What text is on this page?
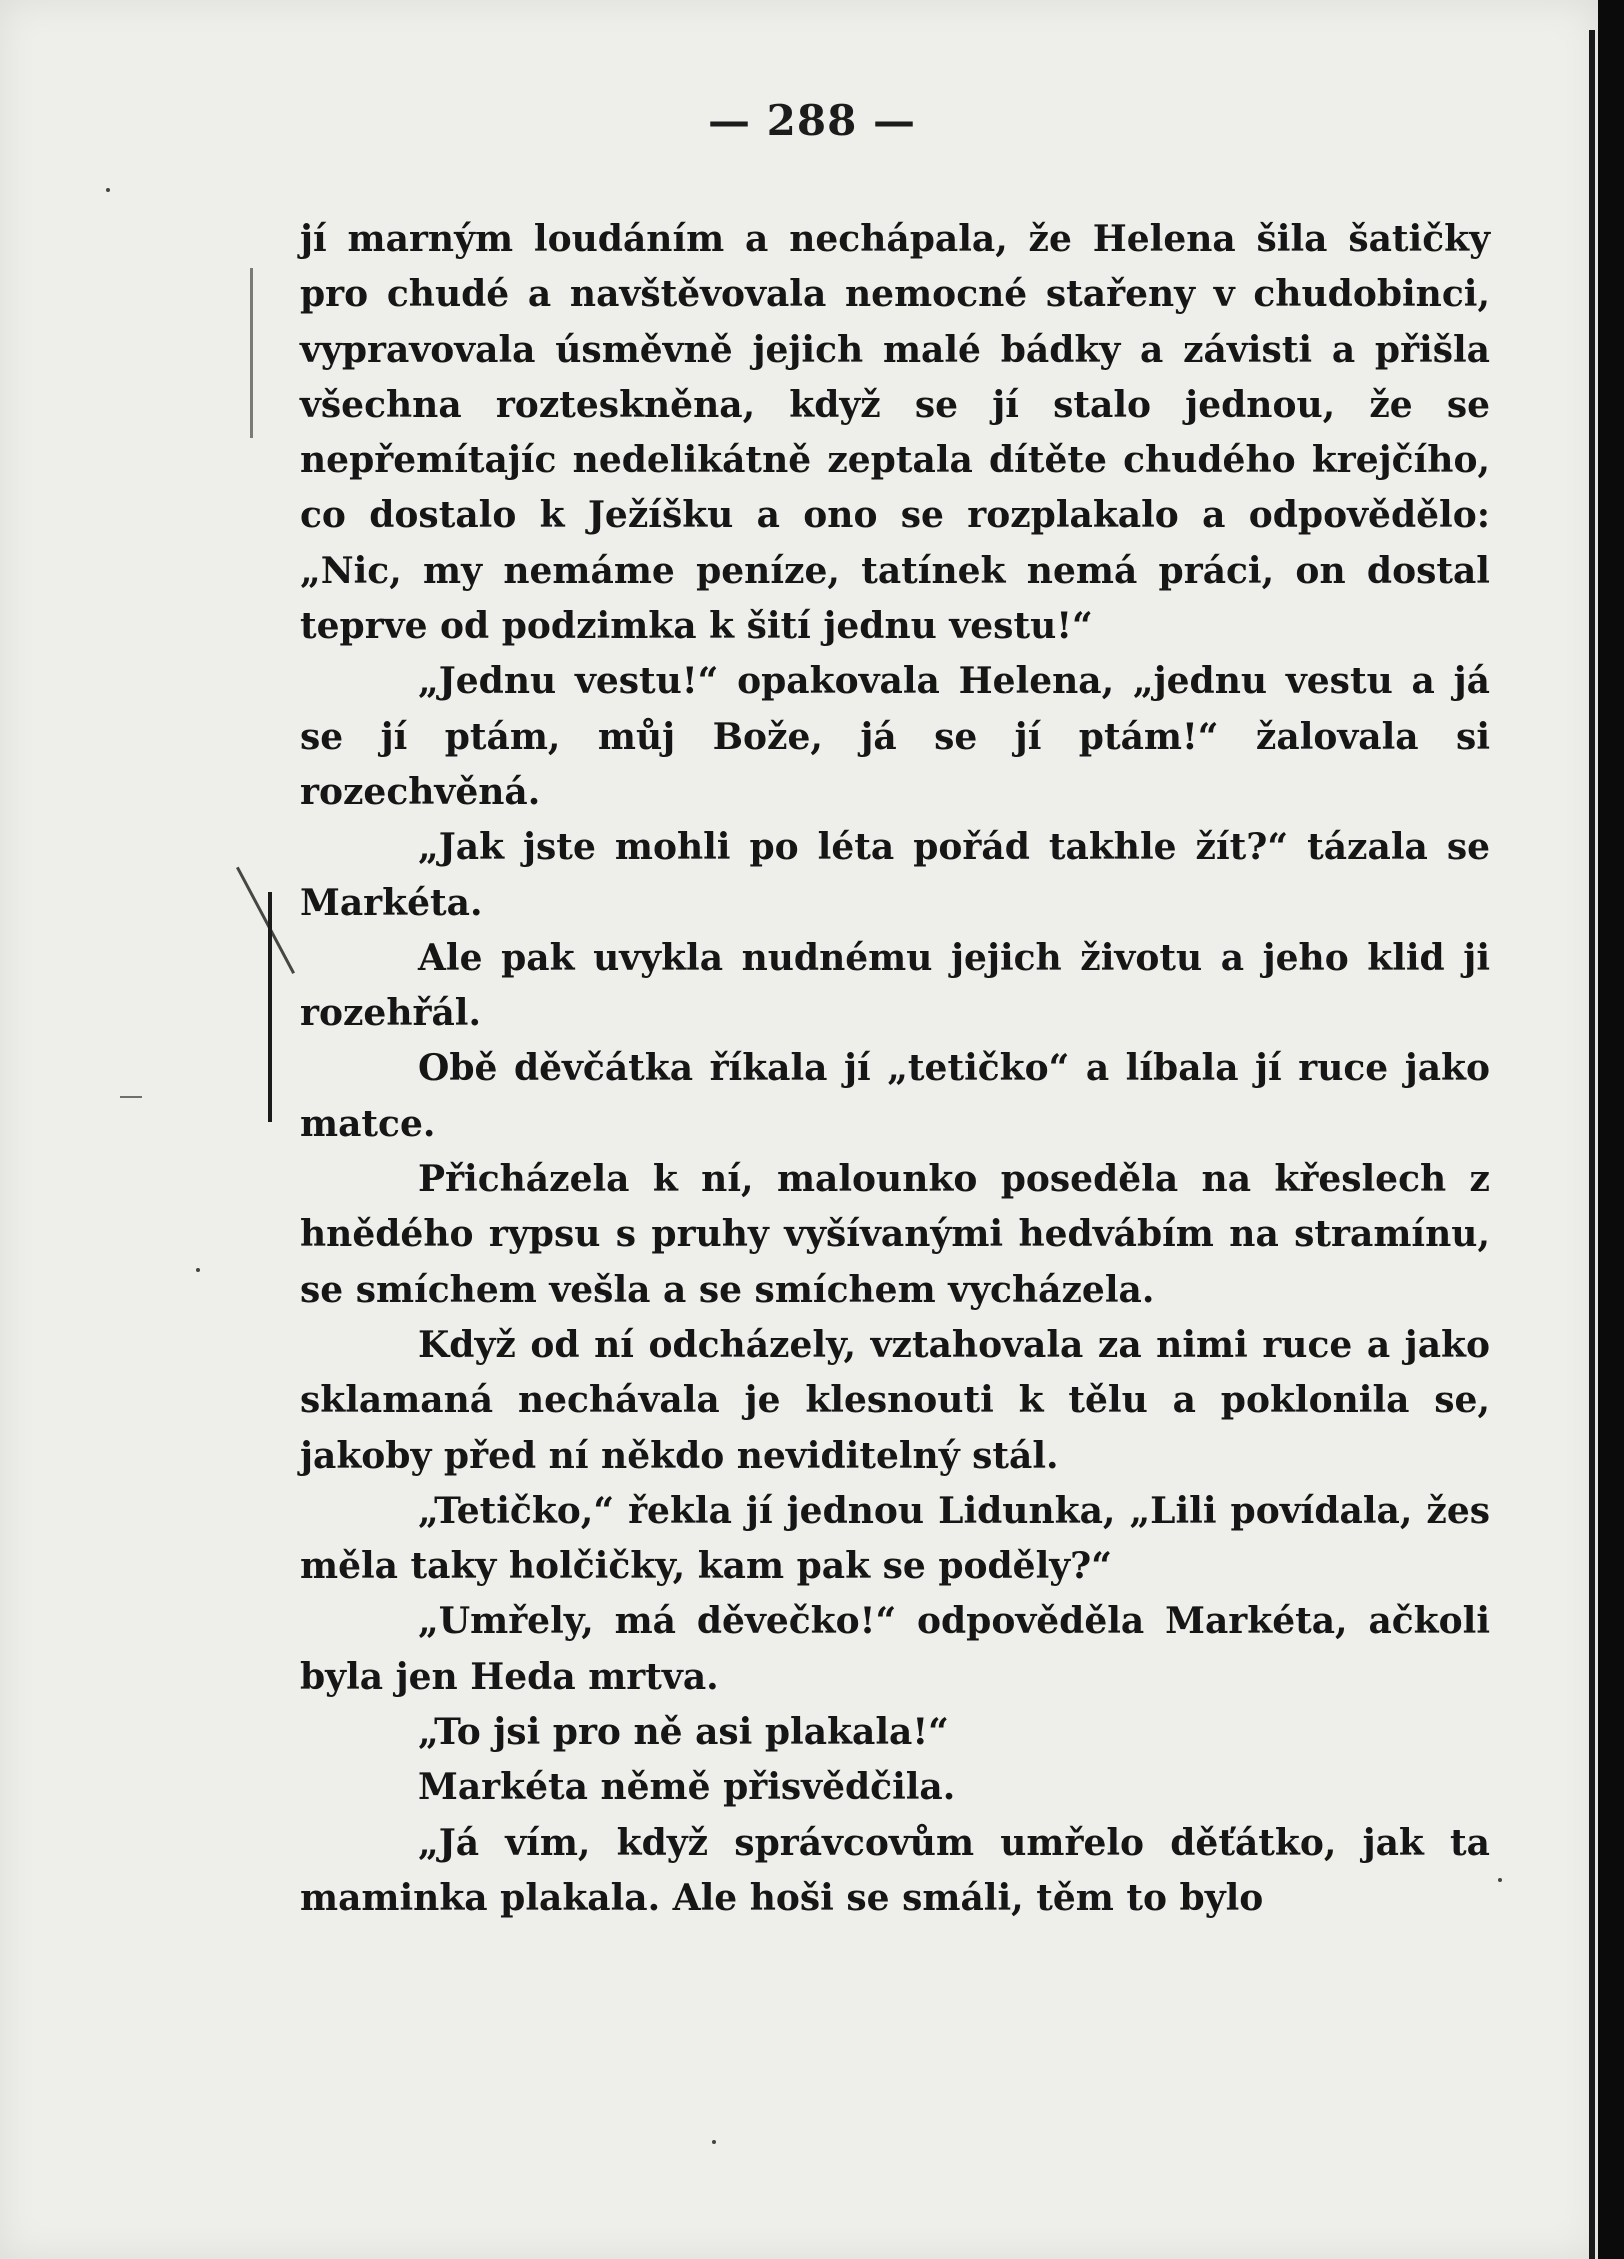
— 288 —

jí marným loudáním a nechápala, že Helena šila šatičky pro chudé a navštěvovala nemocné stařeny v chudobinci, vypravovala úsměvně jejich malé bádky a závisti a přišla všechna rozteskněna, když se jí stalo jednou, že se nepřemítajíc nedelikátně zeptala dítěte chudého krejčího, co dostalo k Ježíšku a ono se rozplakalo a odpovědělo: „Nic, my nemáme peníze, tatínek nemá práci, on dostal teprve od podzimka k šití jednu vestu!“

„Jednu vestu!“ opakovala Helena, „jednu vestu a já se jí ptám, můj Bože, já se jí ptám!“ žalovala si rozechvěná.

„Jak jste mohli po léta pořád takhle žít?“ tázala se Markéta.

Ale pak uvykla nudnému jejich životu a jeho klid ji rozehřál.

Obě děvčátka říkala jí „tetičko“ a líbala jí ruce jako matce.

Přicházela k ní, malounko poseděla na křeslech z hnědého rypsu s pruhy vyšívanými hedvábím na stramínu, se smíchem vešla a se smíchem vycházela.

Když od ní odcházely, vztahovala za nimi ruce a jako sklamaná nechávala je klesnouti k tělu a poklonila se, jakoby před ní někdo neviditelný stál.

„Tetičko,“ řekla jí jednou Lidunka, „Lili povídala, žes měla taky holčičky, kam pak se poděly?“

„Umřely, má děvečko!“ odpověděla Markéta, ačkoli byla jen Heda mrtva.

„To jsi pro ně asi plakala!“

Markéta němě přisvědčila.

„Já vím, když správcovům umřelo děťátko, jak ta maminka plakala. Ale hoši se smáli, těm to bylo
